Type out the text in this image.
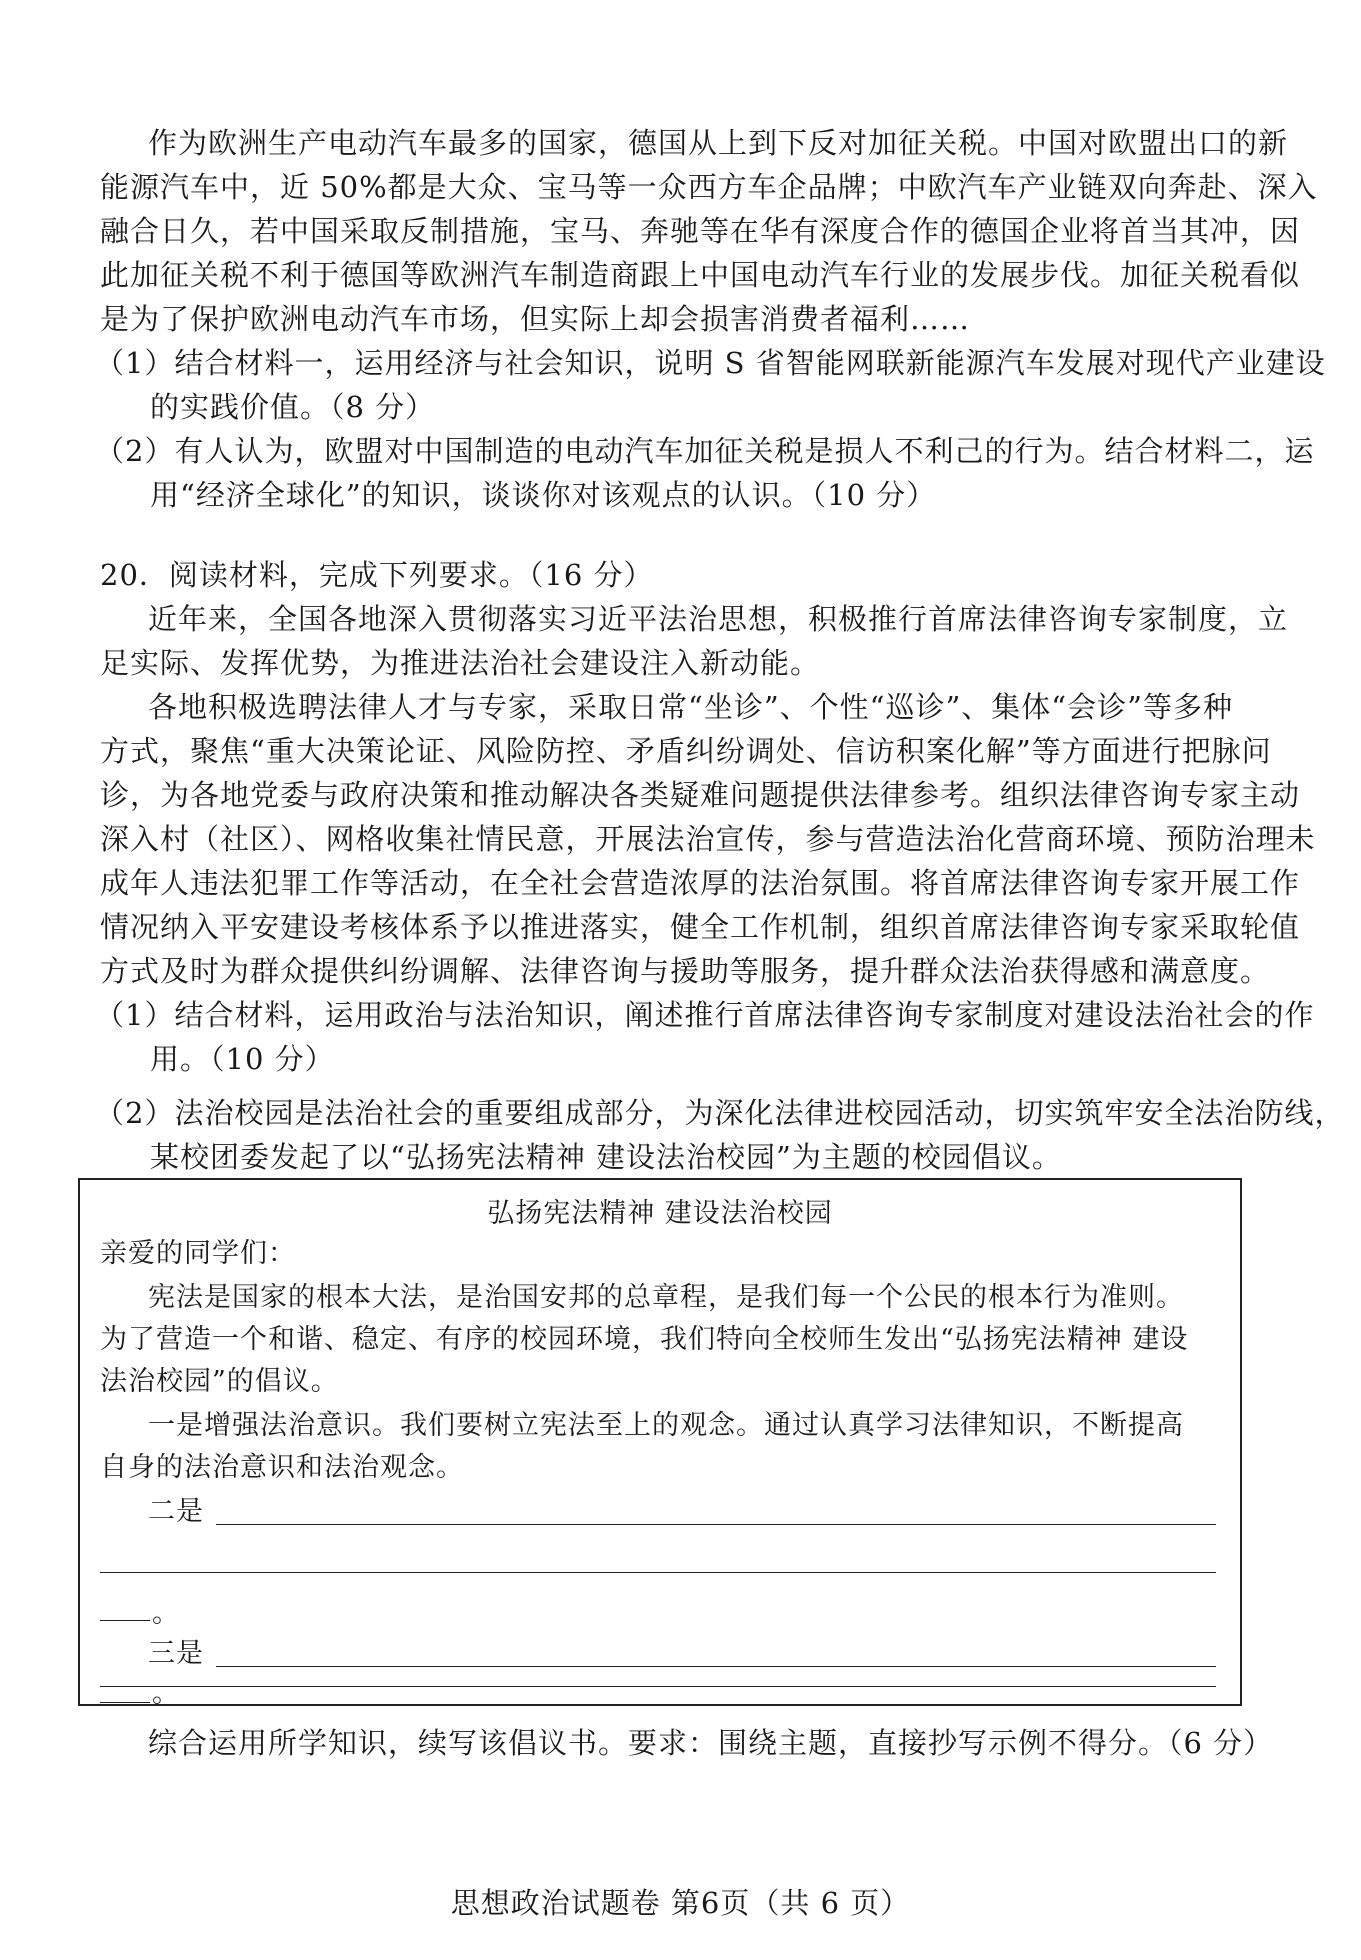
作为欧洲生产电动汽车最多的国家，德国从上到下反对加征关税。中国对欧盟出口的新
能源汽车中，近 50%都是大众、宝马等一众西方车企品牌；中欧汽车产业链双向奔赴、深入
融合日久，若中国采取反制措施，宝马、奔驰等在华有深度合作的德国企业将首当其冲，因
此加征关税不利于德国等欧洲汽车制造商跟上中国电动汽车行业的发展步伐。加征关税看似
是为了保护欧洲电动汽车市场，但实际上却会损害消费者福利……
（1）结合材料一，运用经济与社会知识，说明 S 省智能网联新能源汽车发展对现代产业建设
的实践价值。（8 分）
（2）有人认为，欧盟对中国制造的电动汽车加征关税是损人不利己的行为。结合材料二，运
用“经济全球化”的知识，谈谈你对该观点的认识。（10 分）
20．阅读材料，完成下列要求。（16 分）
近年来，全国各地深入贯彻落实习近平法治思想，积极推行首席法律咨询专家制度，立
足实际、发挥优势，为推进法治社会建设注入新动能。
各地积极选聘法律人才与专家，采取日常“坐诊”、个性“巡诊”、集体“会诊”等多种
方式，聚焦“重大决策论证、风险防控、矛盾纠纷调处、信访积案化解”等方面进行把脉问
诊，为各地党委与政府决策和推动解决各类疑难问题提供法律参考。组织法律咨询专家主动
深入村（社区）、网格收集社情民意，开展法治宣传，参与营造法治化营商环境、预防治理未
成年人违法犯罪工作等活动，在全社会营造浓厚的法治氛围。将首席法律咨询专家开展工作
情况纳入平安建设考核体系予以推进落实，健全工作机制，组织首席法律咨询专家采取轮值
方式及时为群众提供纠纷调解、法律咨询与援助等服务，提升群众法治获得感和满意度。
（1）结合材料，运用政治与法治知识，阐述推行首席法律咨询专家制度对建设法治社会的作
用。（10 分）
（2）法治校园是法治社会的重要组成部分，为深化法律进校园活动，切实筑牢安全法治防线，
某校团委发起了以“弘扬宪法精神 建设法治校园”为主题的校园倡议。
弘扬宪法精神 建设法治校园
亲爱的同学们：
宪法是国家的根本大法，是治国安邦的总章程，是我们每一个公民的根本行为准则。
为了营造一个和谐、稳定、有序的校园环境，我们特向全校师生发出“弘扬宪法精神 建设
法治校园”的倡议。
一是增强法治意识。我们要树立宪法至上的观念。通过认真学习法律知识，不断提高
自身的法治意识和法治观念。
二是
。
三是
。
综合运用所学知识，续写该倡议书。要求：围绕主题，直接抄写示例不得分。（6 分）
思想政治试题卷 第6页（共 6 页）
